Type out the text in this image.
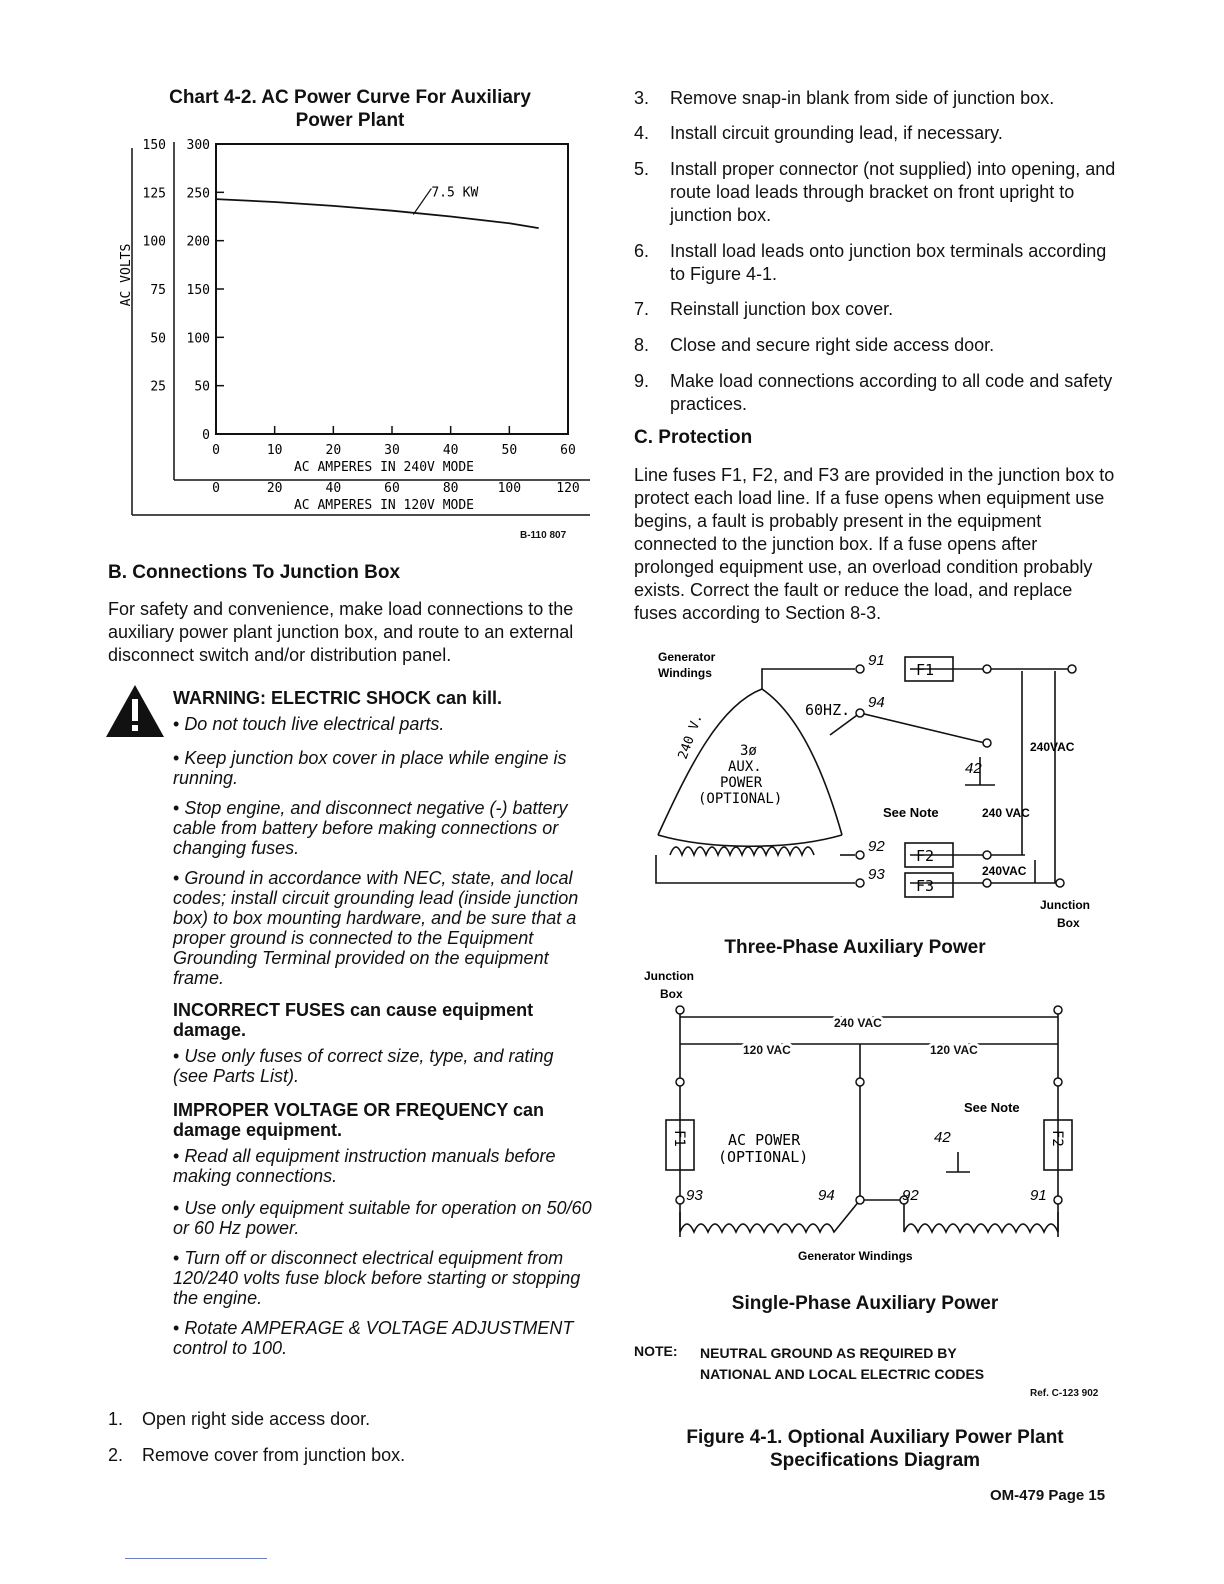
Chart 4-2. AC Power Curve For Auxiliary
Power Plant
AC VOLTS
0
50
100
150
200
250
300
25
50
75
100
125
150
0	10	20	30	40	50	60
0	20	40	60	80	100	120
AC AMPERES IN 240V MODE
AC AMPERES IN 120V MODE
7.5 KW
B-110 807
B. Connections To Junction Box
For safety and convenience, make load connections to the auxiliary power plant junction box, and route to an external disconnect switch and/or distribution panel.
WARNING: ELECTRIC SHOCK can kill.
• Do not touch live electrical parts.
• Keep junction box cover in place while engine is running.
• Stop engine, and disconnect negative (-) battery cable from battery before making connections or changing fuses.
• Ground in accordance with NEC, state, and local codes; install circuit grounding lead (inside junction box) to box mounting hardware, and be sure that a proper ground is connected to the Equipment Grounding Terminal provided on the equipment frame.
INCORRECT FUSES can cause equipment damage.
• Use only fuses of correct size, type, and rating (see Parts List).
IMPROPER VOLTAGE OR FREQUENCY can damage equipment.
• Read all equipment instruction manuals before making connections.
• Use only equipment suitable for operation on 50/60 or 60 Hz power.
• Turn off or disconnect electrical equipment from 120/240 volts fuse block before starting or stopping the engine.
• Rotate AMPERAGE & VOLTAGE ADJUSTMENT control to 100.
1. Open right side access door.
2. Remove cover from junction box.
3. Remove snap-in blank from side of junction box.
4. Install circuit grounding lead, if necessary.
5. Install proper connector (not supplied) into opening, and route load leads through bracket on front upright to junction box.
6. Install load leads onto junction box terminals according to Figure 4-1.
7. Reinstall junction box cover.
8. Close and secure right side access door.
9. Make load connections according to all code and safety practices.
C. Protection
Line fuses F1, F2, and F3 are provided in the junction box to protect each load line. If a fuse opens when equipment use begins, a fault is probably present in the equipment connected to the junction box. If a fuse opens after prolonged equipment use, an overload condition probably exists. Correct the fault or reduce the load, and replace fuses according to Section 8-3.
Generator
Windings
60HZ.
240 V. 3ø
AUX.
POWER
(OPTIONAL)
See Note
91
94
42
92
93
F1
F2
F3
240VAC
240 VAC
240VAC
Junction
Box
Three-Phase Auxiliary Power
Junction
Box
240 VAC
120 VAC	120 VAC
See Note
AC POWER
(OPTIONAL)
42
93	94	92	91
F1	F2
Generator Windings
Single-Phase Auxiliary Power
NOTE: NEUTRAL GROUND AS REQUIRED BY
NATIONAL AND LOCAL ELECTRIC CODES
Ref. C-123 902
Figure 4-1. Optional Auxiliary Power Plant
Specifications Diagram
OM-479 Page 15
